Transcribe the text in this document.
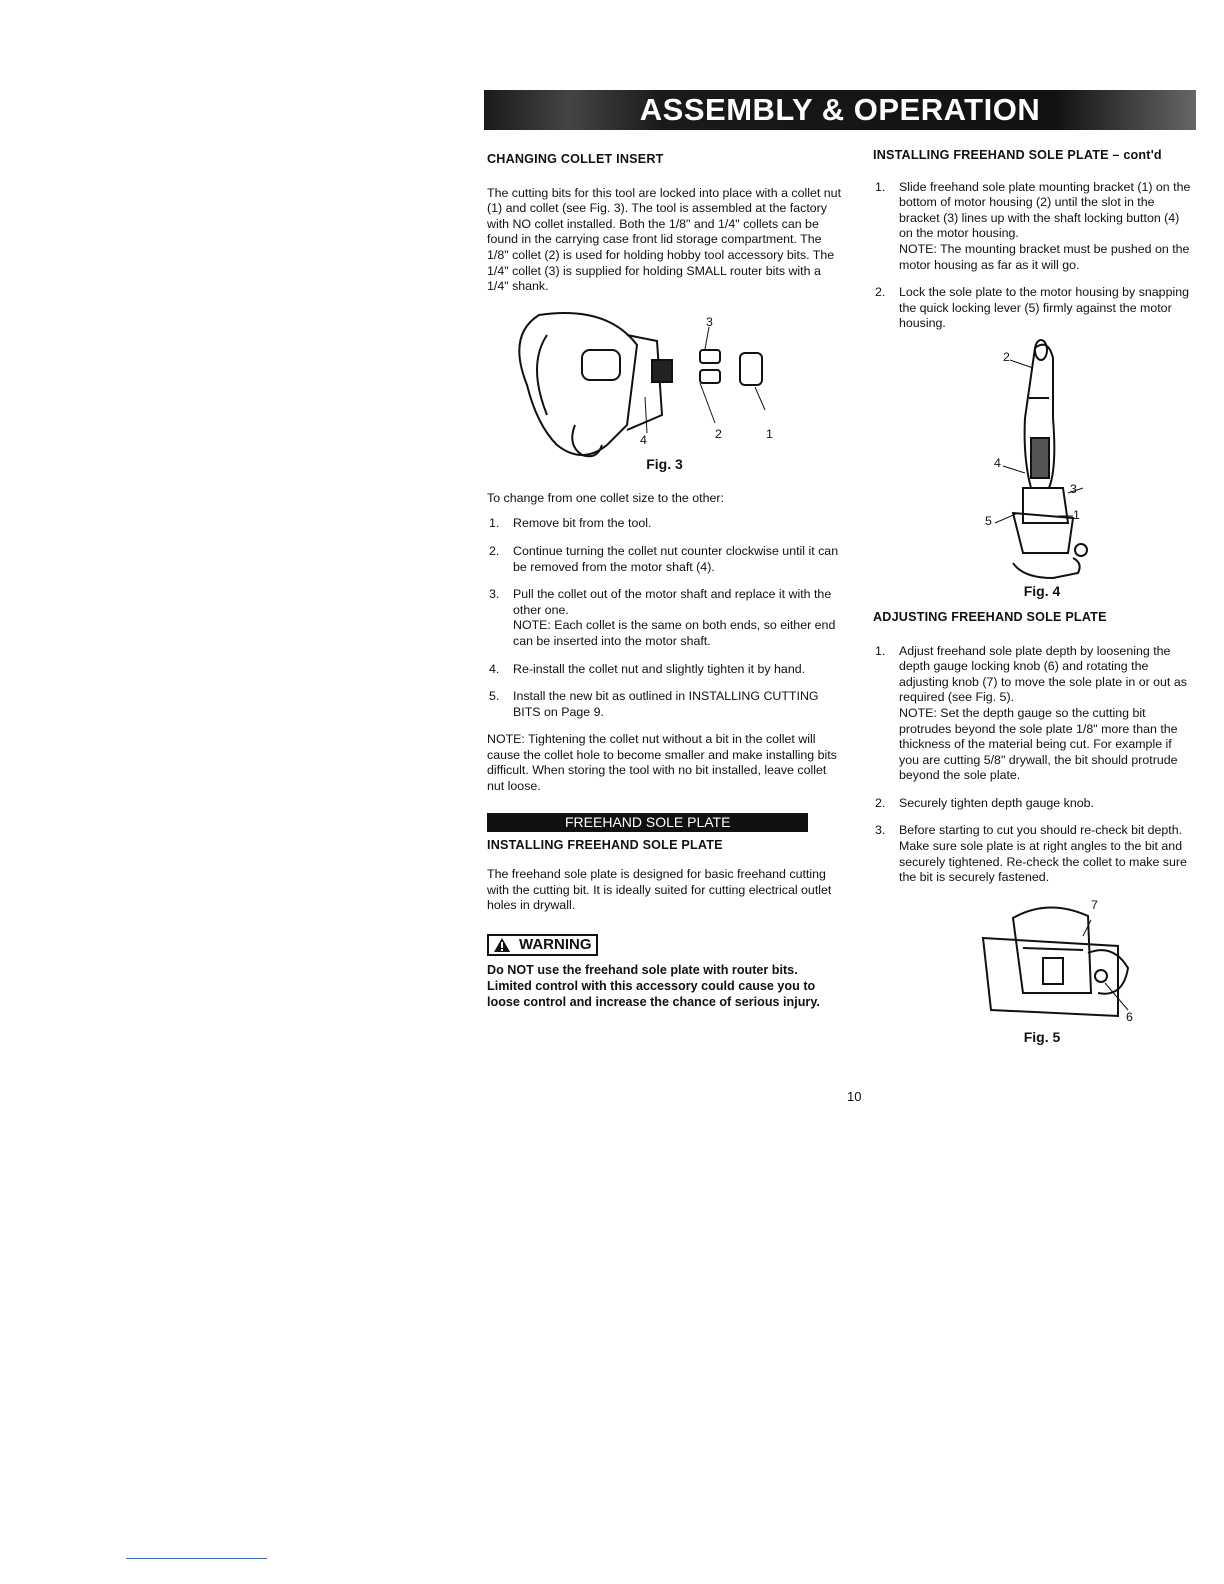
ASSEMBLY & OPERATION
CHANGING COLLET INSERT

The cutting bits for this tool are locked into place with a collet nut (1) and collet (see Fig. 3). The tool is assembled at the factory with NO collet installed. Both the 1/8" and 1/4" collets can be found in the carrying case front lid storage compartment. The 1/8" collet (2) is used for holding hobby tool accessory bits. The 1/4" collet (3) is supplied for holding SMALL router bits with a 1/4" shank.

3
4	2	1
Fig. 3

To change from one collet size to the other:

1. Remove bit from the tool.
2. Continue turning the collet nut counter clockwise until it can be removed from the motor shaft (4).
3. Pull the collet out of the motor shaft and replace it with the other one.
NOTE: Each collet is the same on both ends, so either end can be inserted into the motor shaft.
4. Re-install the collet nut and slightly tighten it by hand.
5. Install the new bit as outlined in INSTALLING CUTTING BITS on Page 9.

NOTE: Tightening the collet nut without a bit in the collet will cause the collet hole to become smaller and make installing bits difficult. When storing the tool with no bit installed, leave collet nut loose.

FREEHAND SOLE PLATE
INSTALLING FREEHAND SOLE PLATE

The freehand sole plate is designed for basic freehand cutting with the cutting bit. It is ideally suited for cutting electrical outlet holes in drywall.

WARNING
Do NOT use the freehand sole plate with router bits. Limited control with this accessory could cause you to loose control and increase the chance of serious injury.
INSTALLING FREEHAND SOLE PLATE – cont'd
1. Slide freehand sole plate mounting bracket (1) on the bottom of motor housing (2) until the slot in the bracket (3) lines up with the shaft locking button (4) on the motor housing.
NOTE: The mounting bracket must be pushed on the motor housing as far as it will go.
2. Lock the sole plate to the motor housing by snapping the quick locking lever (5) firmly against the motor housing.
2
4
3
5	1
Fig. 4
ADJUSTING FREEHAND SOLE PLATE
1. Adjust freehand sole plate depth by loosening the depth gauge locking knob (6) and rotating the adjusting knob (7) to move the sole plate in or out as required (see Fig. 5).
NOTE: Set the depth gauge so the cutting bit protrudes beyond the sole plate 1/8" more than the thickness of the material being cut. For example if you are cutting 5/8" drywall, the bit should protrude beyond the sole plate.
2. Securely tighten depth gauge knob.
3. Before starting to cut you should re-check bit depth. Make sure sole plate is at right angles to the bit and securely tightened. Re-check the collet to make sure the bit is securely fastened.
7
6
Fig. 5
10
